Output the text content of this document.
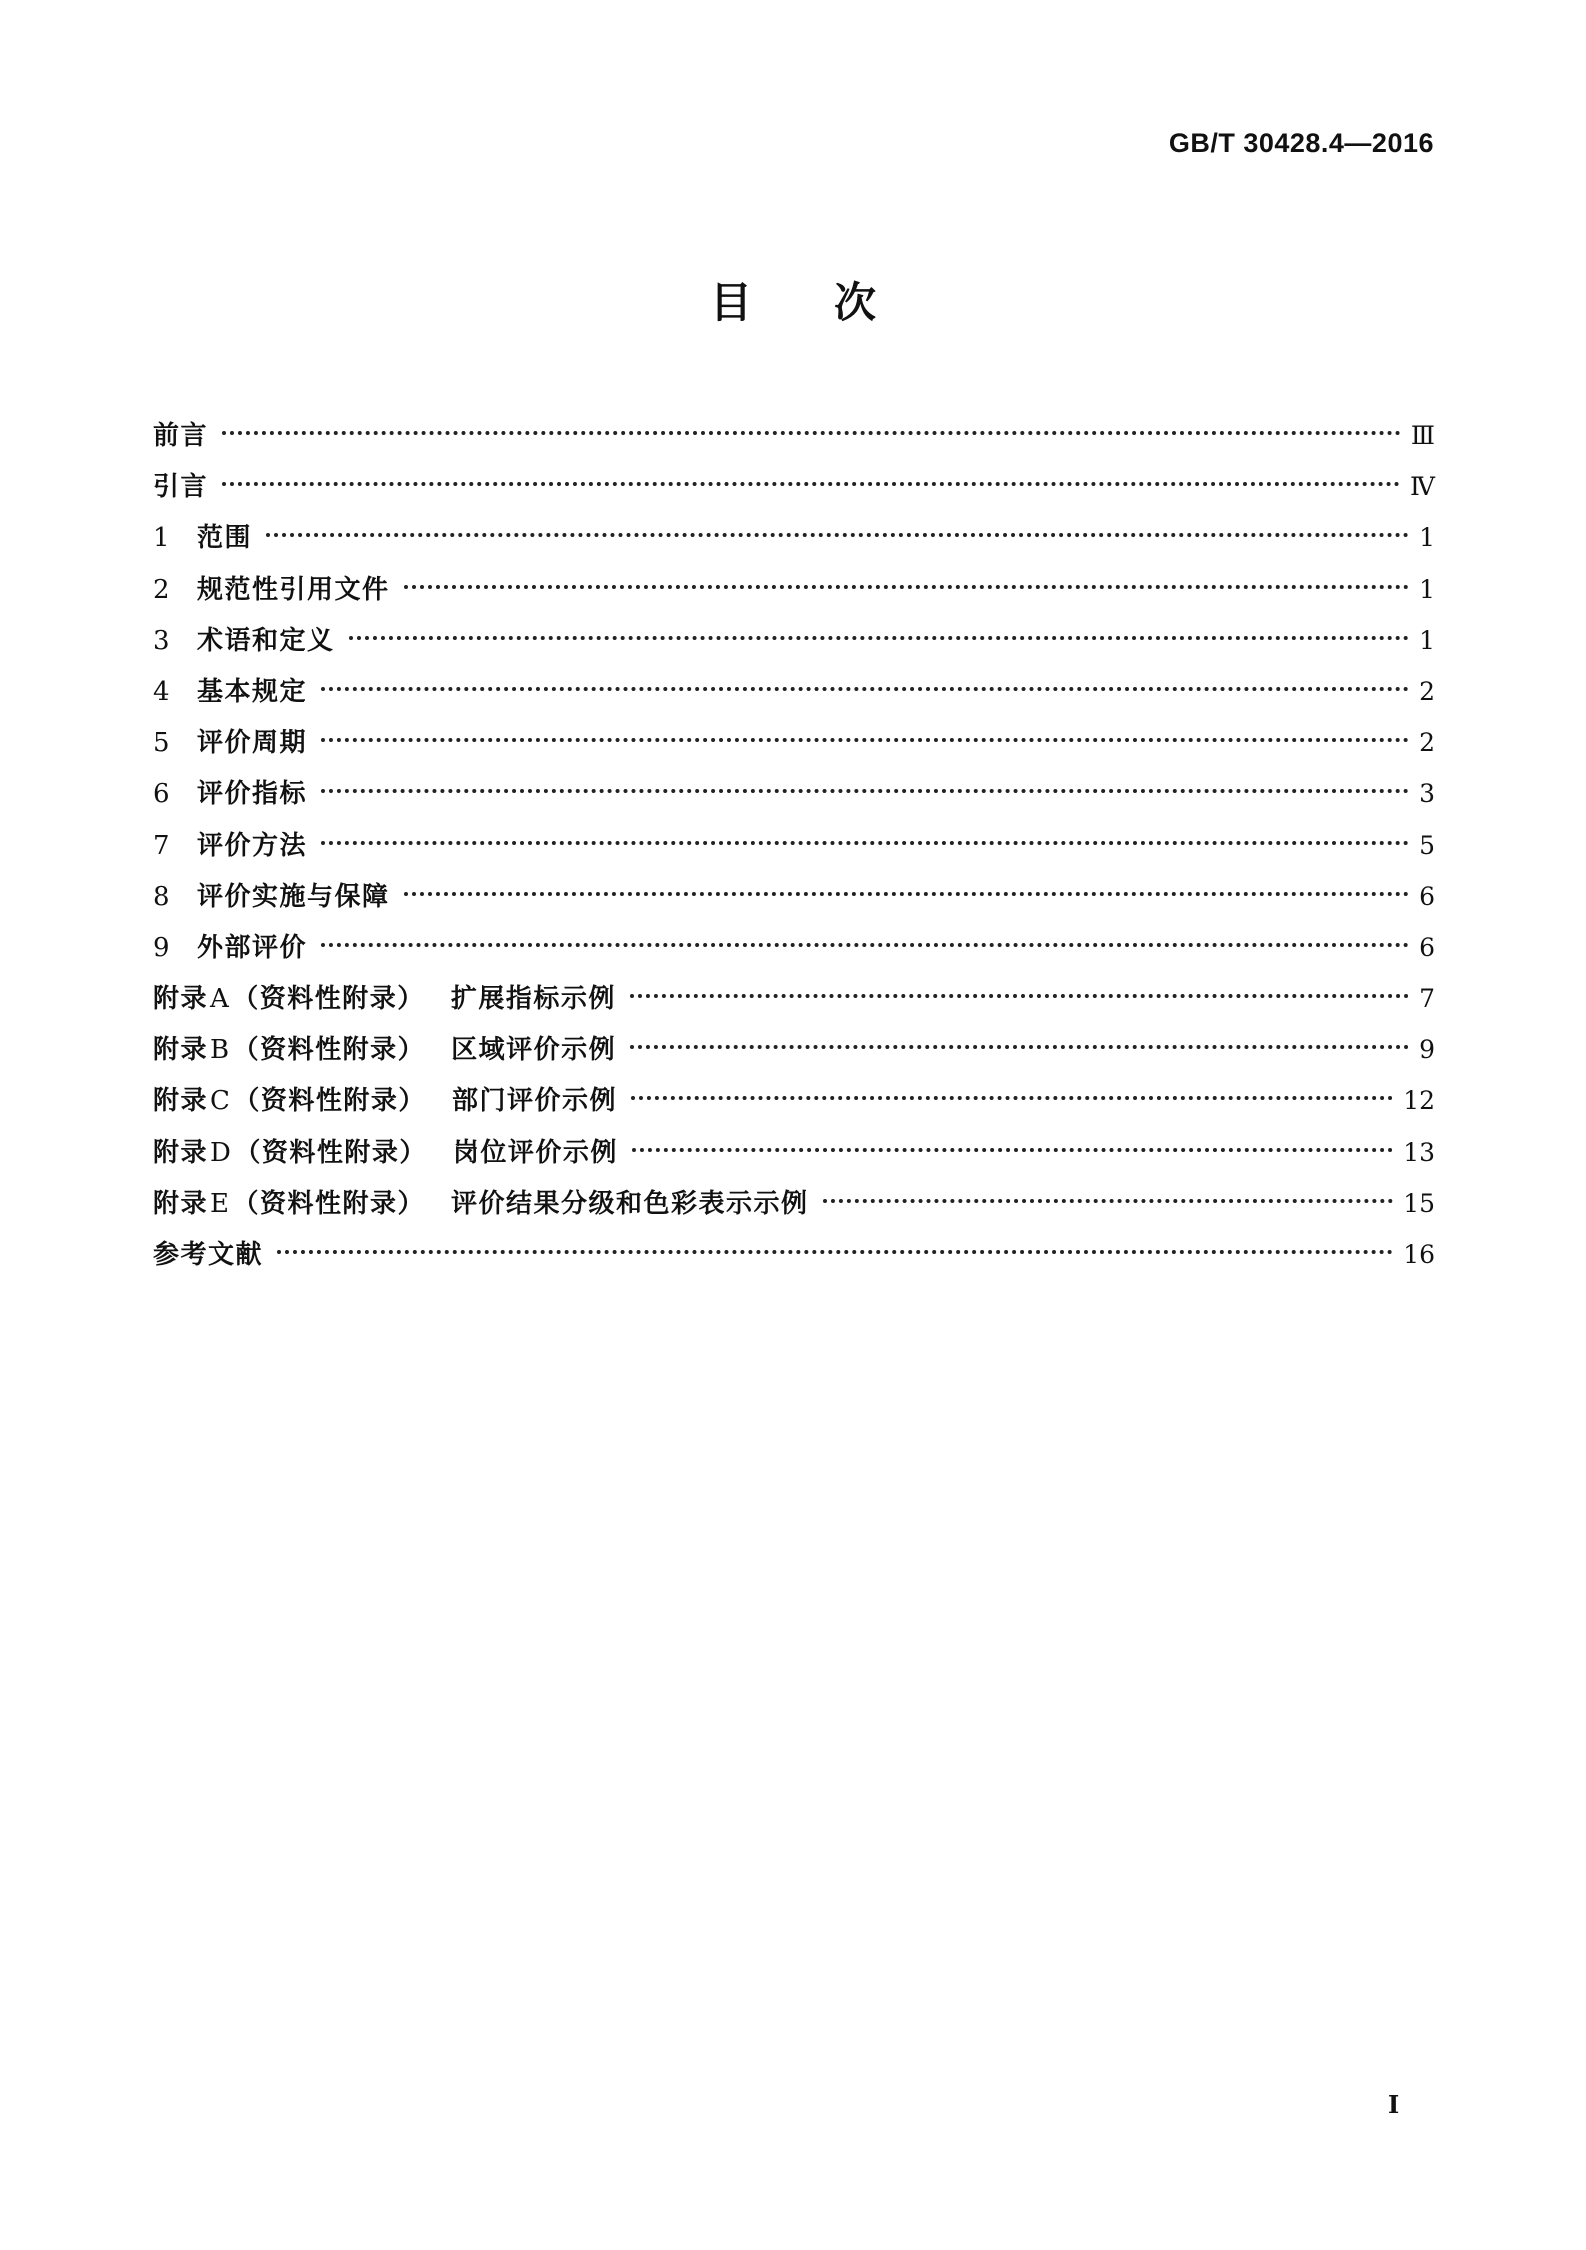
GB/T 30428.4—2016
目次
前言	Ⅲ
引言	Ⅳ
1	范围	1
2	规范性引用文件	1
3	术语和定义	1
4	基本规定	2
5	评价周期	2
6	评价指标	3
7	评价方法	5
8	评价实施与保障	6
9	外部评价	6
附录A（资料性附录） 扩展指标示例	7
附录B（资料性附录） 区域评价示例	9
附录C（资料性附录） 部门评价示例	12
附录D（资料性附录） 岗位评价示例	13
附录E（资料性附录） 评价结果分级和色彩表示示例	15
参考文献	16
I
